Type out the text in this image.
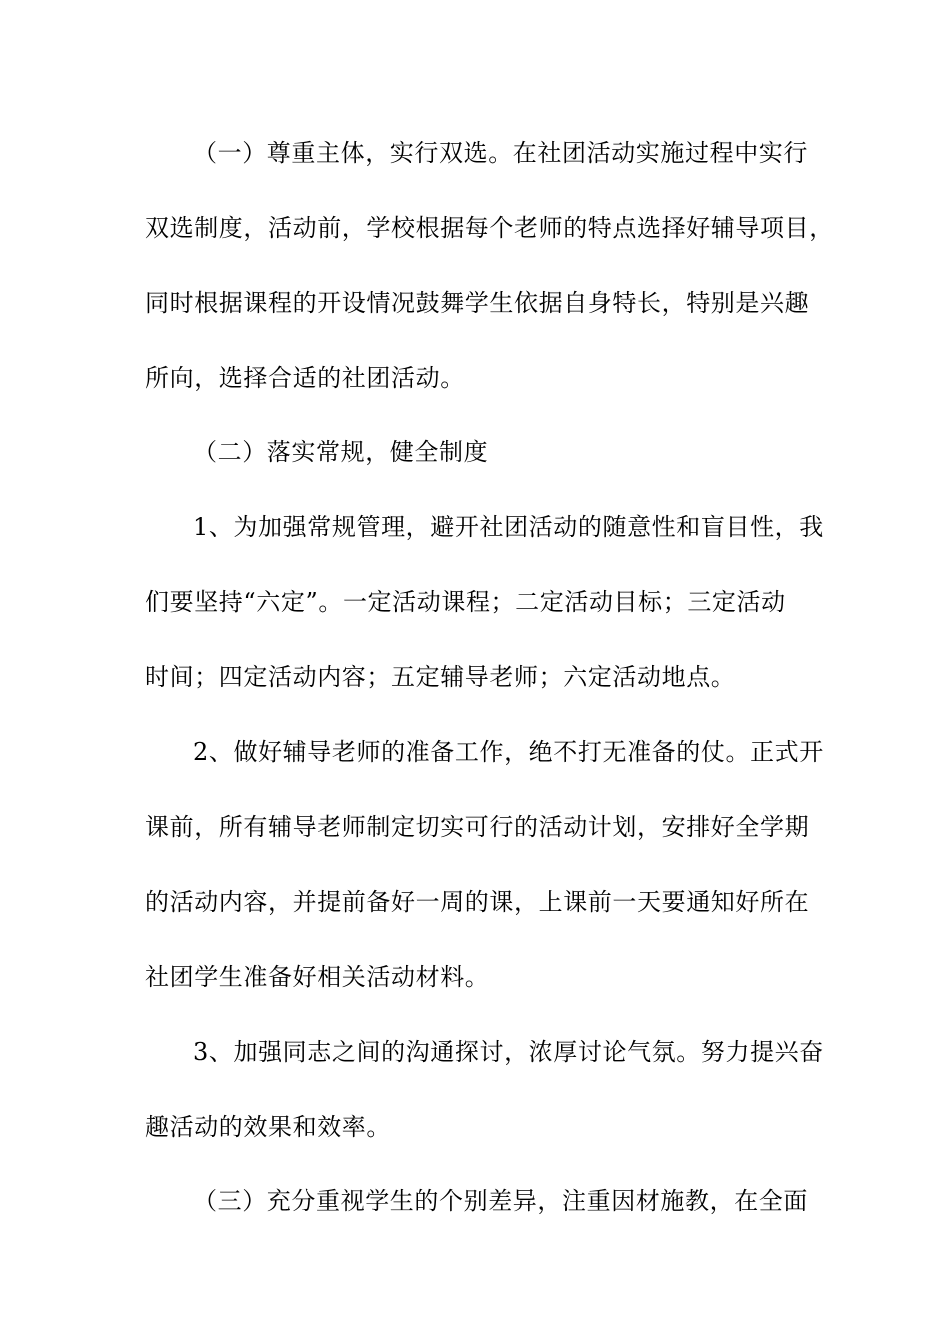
（一）尊重主体，实行双选。在社团活动实施过程中实行
双选制度，活动前，学校根据每个老师的特点选择好辅导项目，
同时根据课程的开设情况鼓舞学生依据自身特长，特别是兴趣
所向，选择合适的社团活动。
（二）落实常规，健全制度
1、为加强常规管理，避开社团活动的随意性和盲目性，我
们要坚持“六定”。一定活动课程；二定活动目标；三定活动
时间；四定活动内容；五定辅导老师；六定活动地点。
2、做好辅导老师的准备工作，绝不打无准备的仗。正式开
课前，所有辅导老师制定切实可行的活动计划，安排好全学期
的活动内容，并提前备好一周的课，上课前一天要通知好所在
社团学生准备好相关活动材料。
3、加强同志之间的沟通探讨，浓厚讨论气氛。努力提兴奋
趣活动的效果和效率。
（三）充分重视学生的个别差异，注重因材施教，在全面
